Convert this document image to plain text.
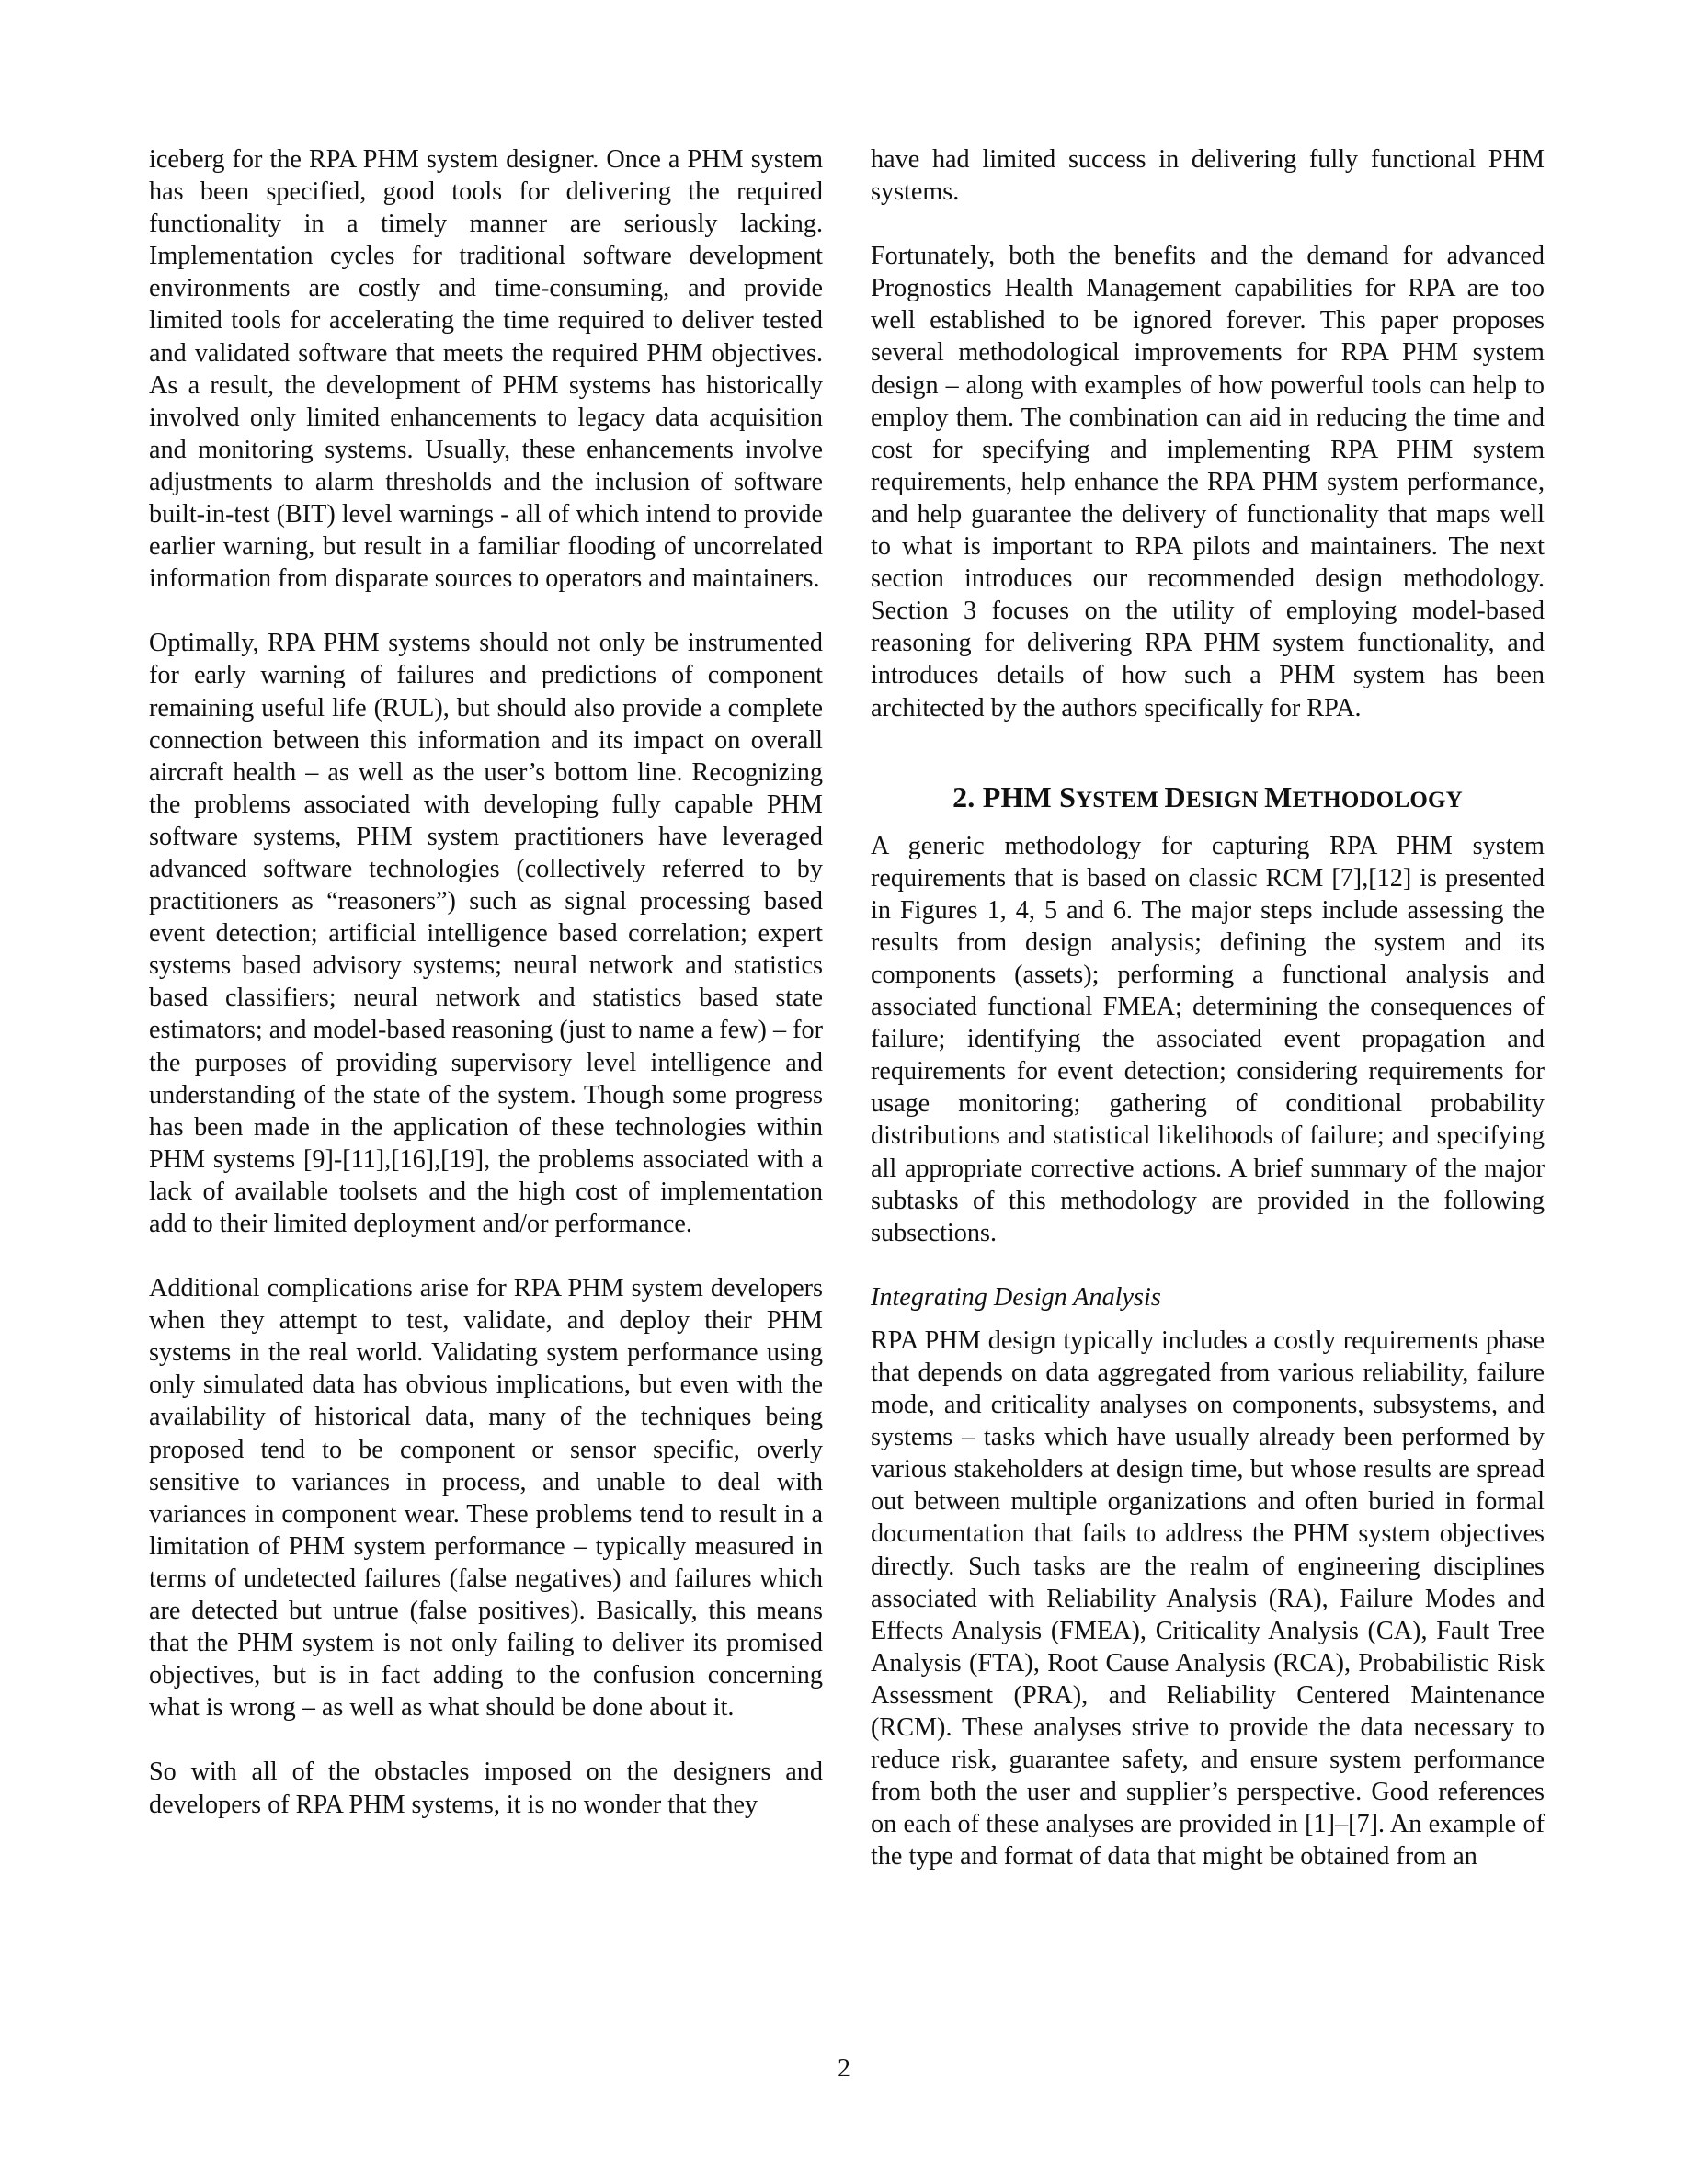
iceberg for the RPA PHM system designer. Once a PHM system has been specified, good tools for delivering the required functionality in a timely manner are seriously lacking. Implementation cycles for traditional software development environments are costly and time-consuming, and provide limited tools for accelerating the time required to deliver tested and validated software that meets the required PHM objectives. As a result, the development of PHM systems has historically involved only limited enhancements to legacy data acquisition and monitoring systems. Usually, these enhancements involve adjustments to alarm thresholds and the inclusion of software built-in-test (BIT) level warnings - all of which intend to provide earlier warning, but result in a familiar flooding of uncorrelated information from disparate sources to operators and maintainers.

Optimally, RPA PHM systems should not only be instrumented for early warning of failures and predictions of component remaining useful life (RUL), but should also provide a complete connection between this information and its impact on overall aircraft health – as well as the user’s bottom line. Recognizing the problems associated with developing fully capable PHM software systems, PHM system practitioners have leveraged advanced software technologies (collectively referred to by practitioners as “reasoners”) such as signal processing based event detection; artificial intelligence based correlation; expert systems based advisory systems; neural network and statistics based classifiers; neural network and statistics based state estimators; and model-based reasoning (just to name a few) – for the purposes of providing supervisory level intelligence and understanding of the state of the system. Though some progress has been made in the application of these technologies within PHM systems [9]-[11],[16],[19], the problems associated with a lack of available toolsets and the high cost of implementation add to their limited deployment and/or performance.

Additional complications arise for RPA PHM system developers when they attempt to test, validate, and deploy their PHM systems in the real world. Validating system performance using only simulated data has obvious implications, but even with the availability of historical data, many of the techniques being proposed tend to be component or sensor specific, overly sensitive to variances in process, and unable to deal with variances in component wear. These problems tend to result in a limitation of PHM system performance – typically measured in terms of undetected failures (false negatives) and failures which are detected but untrue (false positives). Basically, this means that the PHM system is not only failing to deliver its promised objectives, but is in fact adding to the confusion concerning what is wrong – as well as what should be done about it.

So with all of the obstacles imposed on the designers and developers of RPA PHM systems, it is no wonder that they

have had limited success in delivering fully functional PHM systems.

Fortunately, both the benefits and the demand for advanced Prognostics Health Management capabilities for RPA are too well established to be ignored forever. This paper proposes several methodological improvements for RPA PHM system design – along with examples of how powerful tools can help to employ them. The combination can aid in reducing the time and cost for specifying and implementing RPA PHM system requirements, help enhance the RPA PHM system performance, and help guarantee the delivery of functionality that maps well to what is important to RPA pilots and maintainers. The next section introduces our recommended design methodology. Section 3 focuses on the utility of employing model-based reasoning for delivering RPA PHM system functionality, and introduces details of how such a PHM system has been architected by the authors specifically for RPA.

2. PHM SYSTEM DESIGN METHODOLOGY

A generic methodology for capturing RPA PHM system requirements that is based on classic RCM [7],[12] is presented in Figures 1, 4, 5 and 6. The major steps include assessing the results from design analysis; defining the system and its components (assets); performing a functional analysis and associated functional FMEA; determining the consequences of failure; identifying the associated event propagation and requirements for event detection; considering requirements for usage monitoring; gathering of conditional probability distributions and statistical likelihoods of failure; and specifying all appropriate corrective actions. A brief summary of the major subtasks of this methodology are provided in the following subsections.

Integrating Design Analysis

RPA PHM design typically includes a costly requirements phase that depends on data aggregated from various reliability, failure mode, and criticality analyses on components, subsystems, and systems – tasks which have usually already been performed by various stakeholders at design time, but whose results are spread out between multiple organizations and often buried in formal documentation that fails to address the PHM system objectives directly. Such tasks are the realm of engineering disciplines associated with Reliability Analysis (RA), Failure Modes and Effects Analysis (FMEA), Criticality Analysis (CA), Fault Tree Analysis (FTA), Root Cause Analysis (RCA), Probabilistic Risk Assessment (PRA), and Reliability Centered Maintenance (RCM). These analyses strive to provide the data necessary to reduce risk, guarantee safety, and ensure system performance from both the user and supplier’s perspective. Good references on each of these analyses are provided in [1]–[7]. An example of the type and format of data that might be obtained from an

2
